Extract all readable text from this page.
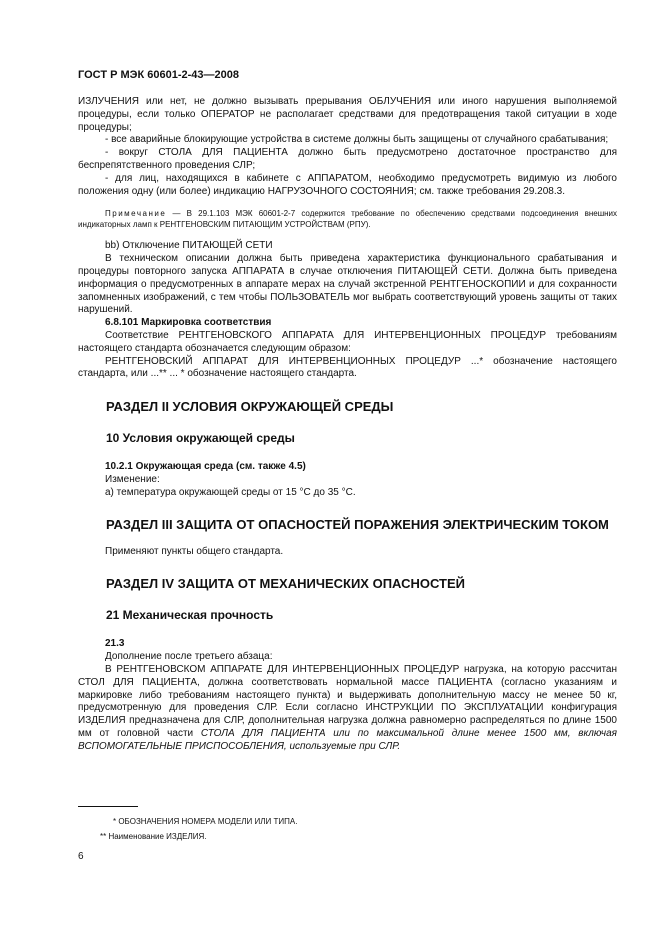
ГОСТ Р МЭК 60601-2-43—2008

ИЗЛУЧЕНИЯ или нет, не должно вызывать прерывания ОБЛУЧЕНИЯ или иного нарушения выполняемой процедуры, если только ОПЕРАТОР не располагает средствами для предотвращения такой ситуации в ходе процедуры;

- все аварийные блокирующие устройства в системе должны быть защищены от случайного срабатывания;

- вокруг СТОЛА ДЛЯ ПАЦИЕНТА должно быть предусмотрено достаточное пространство для беспрепятственного проведения СЛР;

- для лиц, находящихся в кабинете с АППАРАТОМ, необходимо предусмотреть видимую из любого положения одну (или более) индикацию НАГРУЗОЧНОГО СОСТОЯНИЯ; см. также требования 29.208.3.

Примечание — В 29.1.103 МЭК 60601-2-7 содержится требование по обеспечению средствами подсоединения внешних индикаторных ламп к РЕНТГЕНОВСКИМ ПИТАЮЩИМ УСТРОЙСТВАМ (РПУ).

bb) Отключение ПИТАЮЩЕЙ СЕТИ

В техническом описании должна быть приведена характеристика функционального срабатывания и процедуры повторного запуска АППАРАТА в случае отключения ПИТАЮЩЕЙ СЕТИ. Должна быть приведена информация о предусмотренных в аппарате мерах на случай экстренной РЕНТГЕНОСКОПИИ и для сохранности запомненных изображений, с тем чтобы ПОЛЬЗОВАТЕЛЬ мог выбрать соответствующий уровень защиты от таких нарушений.

6.8.101 Маркировка соответствия

Соответствие РЕНТГЕНОВСКОГО АППАРАТА ДЛЯ ИНТЕРВЕНЦИОННЫХ ПРОЦЕДУР требованиям настоящего стандарта обозначается следующим образом:

РЕНТГЕНОВСКИЙ АППАРАТ ДЛЯ ИНТЕРВЕНЦИОННЫХ ПРОЦЕДУР ...* обозначение настоящего стандарта, или ...** ... * обозначение настоящего стандарта.

РАЗДЕЛ II УСЛОВИЯ ОКРУЖАЮЩЕЙ СРЕДЫ
10 Условия окружающей среды

10.2.1 Окружающая среда (см. также 4.5)

Изменение:

а) температура окружающей среды от 15 °С до 35 °С.

РАЗДЕЛ III ЗАЩИТА ОТ ОПАСНОСТЕЙ ПОРАЖЕНИЯ ЭЛЕКТРИЧЕСКИМ ТОКОМ

Применяют пункты общего стандарта.

РАЗДЕЛ IV ЗАЩИТА ОТ МЕХАНИЧЕСКИХ ОПАСНОСТЕЙ
21 Механическая прочность

21.3

Дополнение после третьего абзаца:

В РЕНТГЕНОВСКОМ АППАРАТЕ ДЛЯ ИНТЕРВЕНЦИОННЫХ ПРОЦЕДУР нагрузка, на которую рассчитан СТОЛ ДЛЯ ПАЦИЕНТА, должна соответствовать нормальной массе ПАЦИЕНТА (согласно указаниям и маркировке либо требованиям настоящего пункта) и выдерживать дополнительную массу не менее 50 кг, предусмотренную для проведения СЛР. Если согласно ИНСТРУКЦИИ ПО ЭКСПЛУАТАЦИИ конфигурация ИЗДЕЛИЯ предназначена для СЛР, дополнительная нагрузка должна равномерно распределяться по длине 1500 мм от головной части СТОЛА ДЛЯ ПАЦИЕНТА или по максимальной длине менее 1500 мм, включая ВСПОМОГАТЕЛЬНЫЕ ПРИСПОСОБЛЕНИЯ, используемые при СЛР.

* ОБОЗНАЧЕНИЯ НОМЕРА МОДЕЛИ ИЛИ ТИПА.
** Наименование ИЗДЕЛИЯ.
6
